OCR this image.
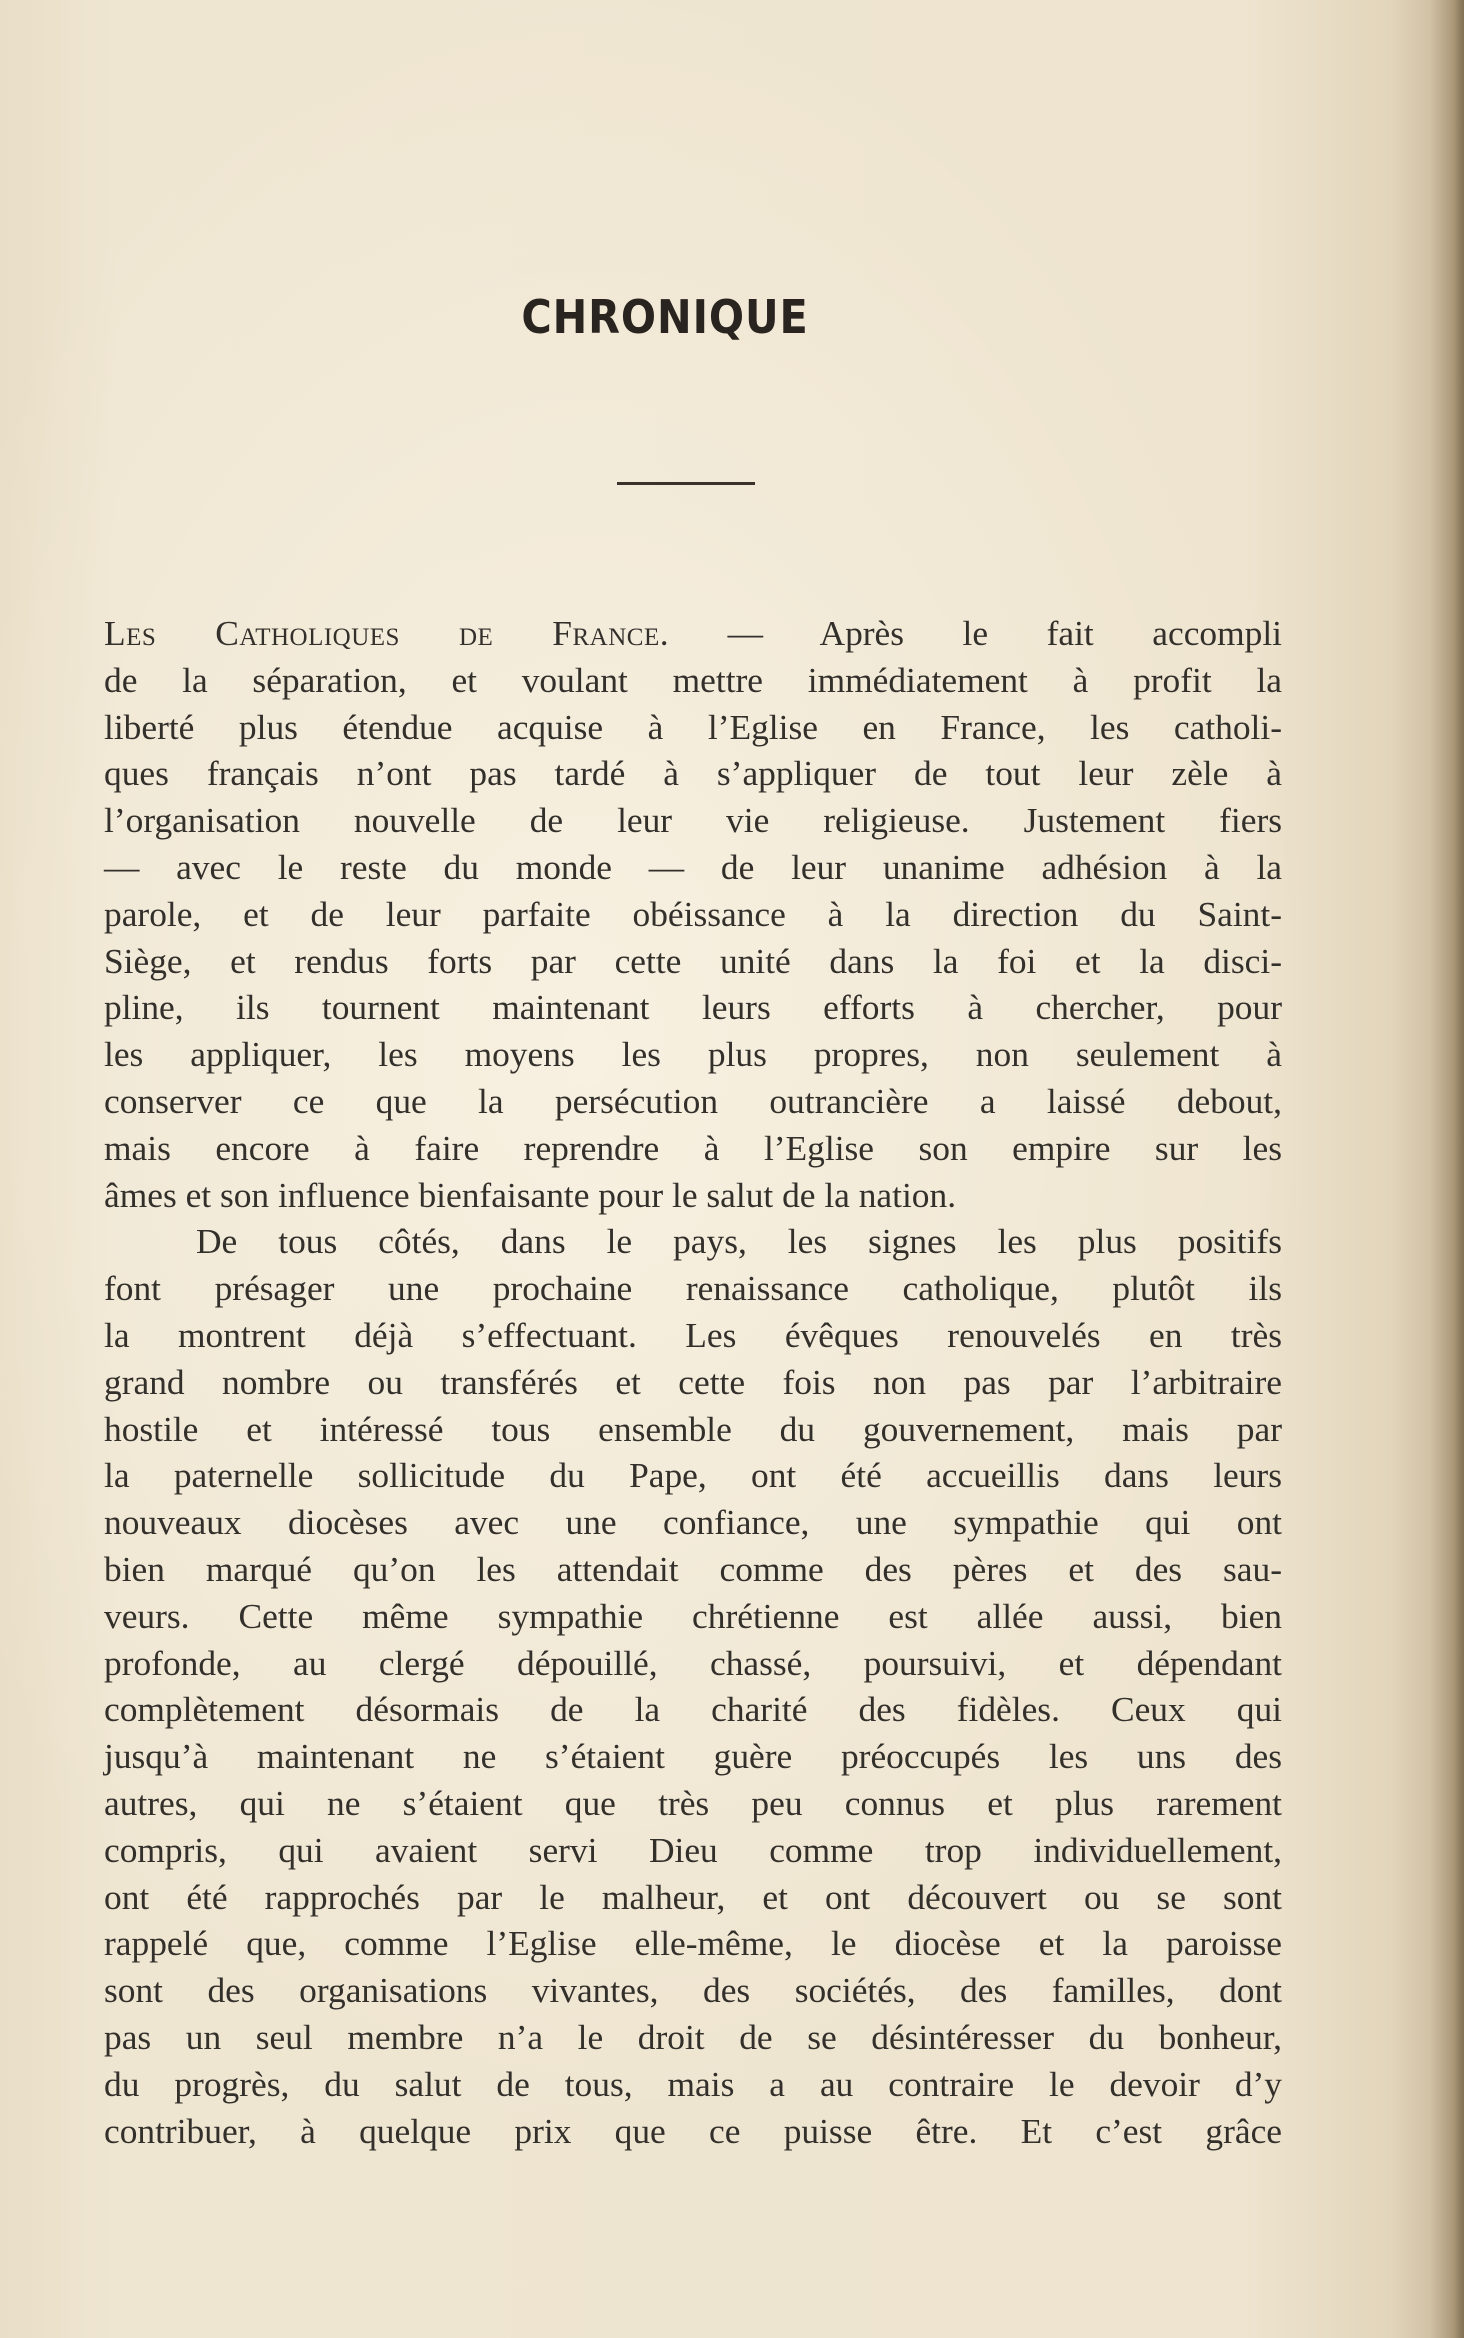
CHRONIQUE
Les Catholiques de France. — Après le fait accompli
de la séparation, et voulant mettre immédiatement à profit la
liberté plus étendue acquise à l’Eglise en France, les catholi-
ques français n’ont pas tardé à s’appliquer de tout leur zèle à
l’organisation nouvelle de leur vie religieuse. Justement fiers
— avec le reste du monde — de leur unanime adhésion à la
parole, et de leur parfaite obéissance à la direction du Saint-
Siège, et rendus forts par cette unité dans la foi et la disci-
pline, ils tournent maintenant leurs efforts à chercher, pour
les appliquer, les moyens les plus propres, non seulement à
conserver ce que la persécution outrancière a laissé debout,
mais encore à faire reprendre à l’Eglise son empire sur les
âmes et son influence bienfaisante pour le salut de la nation.
De tous côtés, dans le pays, les signes les plus positifs
font présager une prochaine renaissance catholique, plutôt ils
la montrent déjà s’effectuant. Les évêques renouvelés en très
grand nombre ou transférés et cette fois non pas par l’arbitraire
hostile et intéressé tous ensemble du gouvernement, mais par
la paternelle sollicitude du Pape, ont été accueillis dans leurs
nouveaux diocèses avec une confiance, une sympathie qui ont
bien marqué qu’on les attendait comme des pères et des sau-
veurs. Cette même sympathie chrétienne est allée aussi, bien
profonde, au clergé dépouillé, chassé, poursuivi, et dépendant
complètement désormais de la charité des fidèles. Ceux qui
jusqu’à maintenant ne s’étaient guère préoccupés les uns des
autres, qui ne s’étaient que très peu connus et plus rarement
compris, qui avaient servi Dieu comme trop individuellement,
ont été rapprochés par le malheur, et ont découvert ou se sont
rappelé que, comme l’Eglise elle-même, le diocèse et la paroisse
sont des organisations vivantes, des sociétés, des familles, dont
pas un seul membre n’a le droit de se désintéresser du bonheur,
du progrès, du salut de tous, mais a au contraire le devoir d’y
contribuer, à quelque prix que ce puisse être. Et c’est grâce
